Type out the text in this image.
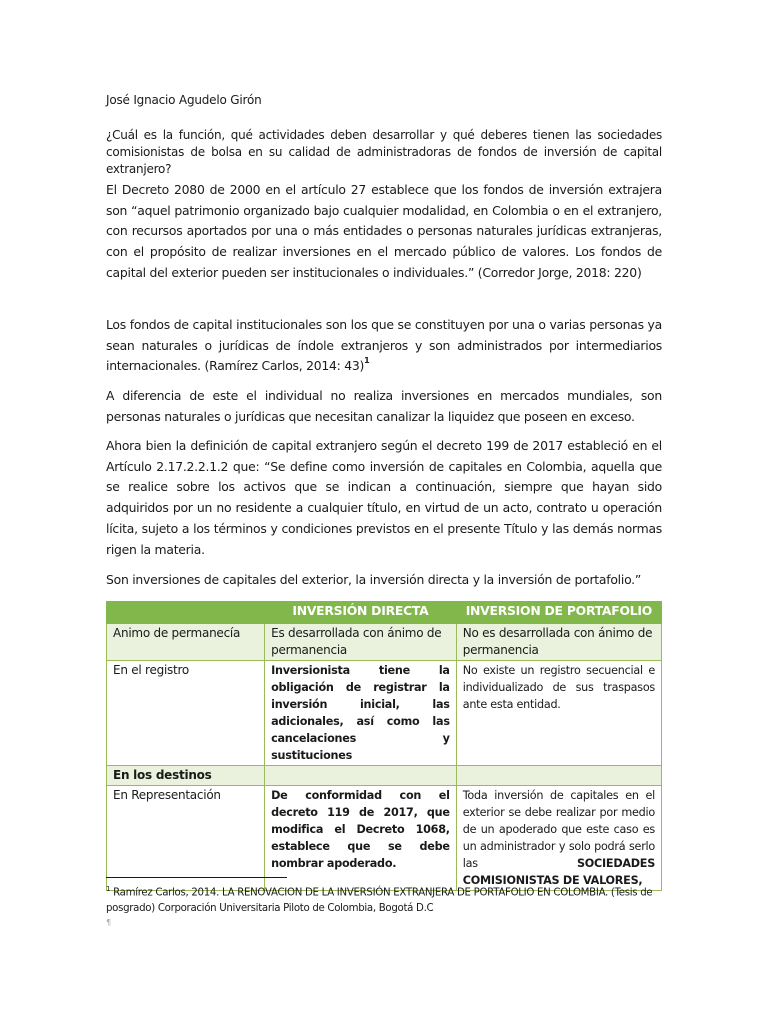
José Ignacio Agudelo Girón
¿Cuál es la función, qué actividades deben desarrollar y qué deberes tienen las sociedades comisionistas de bolsa en su calidad de administradoras de fondos de inversión de capital extranjero?
El Decreto 2080 de 2000 en el artículo 27 establece que los fondos de inversión extrajera son “aquel patrimonio organizado bajo cualquier modalidad, en Colombia o en el extranjero, con recursos aportados por una o más entidades o personas naturales jurídicas extranjeras, con el propósito de realizar inversiones en el mercado público de valores. Los fondos de capital del exterior pueden ser institucionales o individuales.” (Corredor Jorge, 2018: 220)
Los fondos de capital institucionales son los que se constituyen por una o varias personas ya sean naturales o jurídicas de índole extranjeros y son administrados por intermediarios internacionales. (Ramírez Carlos, 2014: 43)$^1$
A diferencia de este el individual no realiza inversiones en mercados mundiales, son personas naturales o jurídicas que necesitan canalizar la liquidez que poseen en exceso.
Ahora bien la definición de capital extranjero según el decreto 199 de 2017 estableció en el Artículo 2.17.2.2.1.2 que: “Se define como inversión de capitales en Colombia, aquella que se realice sobre los activos que se indican a continuación, siempre que hayan sido adquiridos por un no residente a cualquier título, en virtud de un acto, contrato u operación lícita, sujeto a los términos y condiciones previstos en el presente Título y las demás normas rigen la materia.
Son inversiones de capitales del exterior, la inversión directa y la inversión de portafolio.”
	INVERSIÓN DIRECTA	INVERSION DE PORTAFOLIO
Animo de permanecía	Es desarrollada con ánimo de permanencia	No es desarrollada con ánimo de permanencia
En el registro	Inversionista tiene la obligación de registrar la inversión inicial, las adicionales, así como las cancelaciones y sustituciones	No existe un registro secuencial e individualizado de sus traspasos ante esta entidad.
En los destinos		
En Representación	De conformidad con el decreto 119 de 2017, que modifica el Decreto 1068, establece que se debe nombrar apoderado.	Toda inversión de capitales en el exterior se debe realizar por medio de un apoderado que este caso es un administrador y solo podrá serlo las SOCIEDADES COMISIONISTAS DE VALORES,
$^1$ Ramírez Carlos, 2014. LA RENOVACION DE LA INVERSIÓN EXTRANJERA DE PORTAFOLIO EN COLOMBIA. (Tesis de posgrado) Corporación Universitaria Piloto de Colombia, Bogotá D.C
¶
